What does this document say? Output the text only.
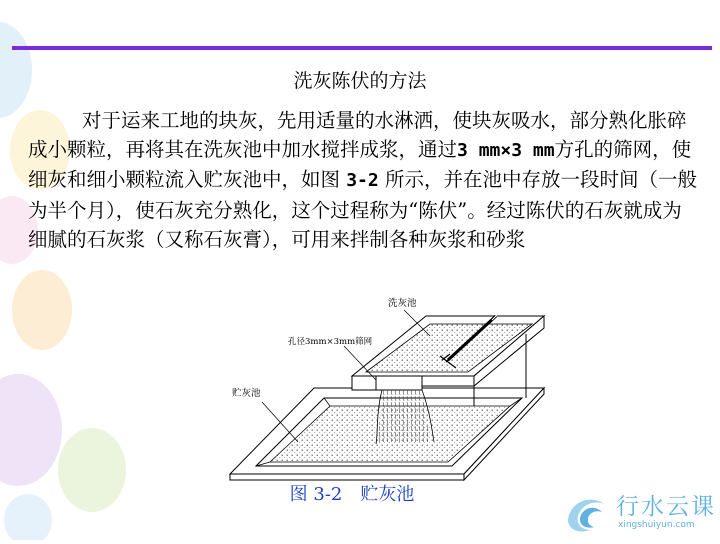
洗灰陈伏的方法

对于运来工地的块灰，先用适量的水淋洒，使块灰吸水，部分熟化胀碎成小颗粒，再将其在洗灰池中加水搅拌成浆，通过3 mm×3 mm方孔的筛网，使细灰和细小颗粒流入贮灰池中，如图 3-2 所示，并在池中存放一段时间（一般为半个月），使石灰充分熟化，这个过程称为“陈伏”。经过陈伏的石灰就成为细腻的石灰浆（又称石灰膏），可用来拌制各种灰浆和砂浆

洗灰池
孔径3mm×3mm筛网
贮灰池
图 3-2　贮灰池	行水云课
xingshuiyun.com
